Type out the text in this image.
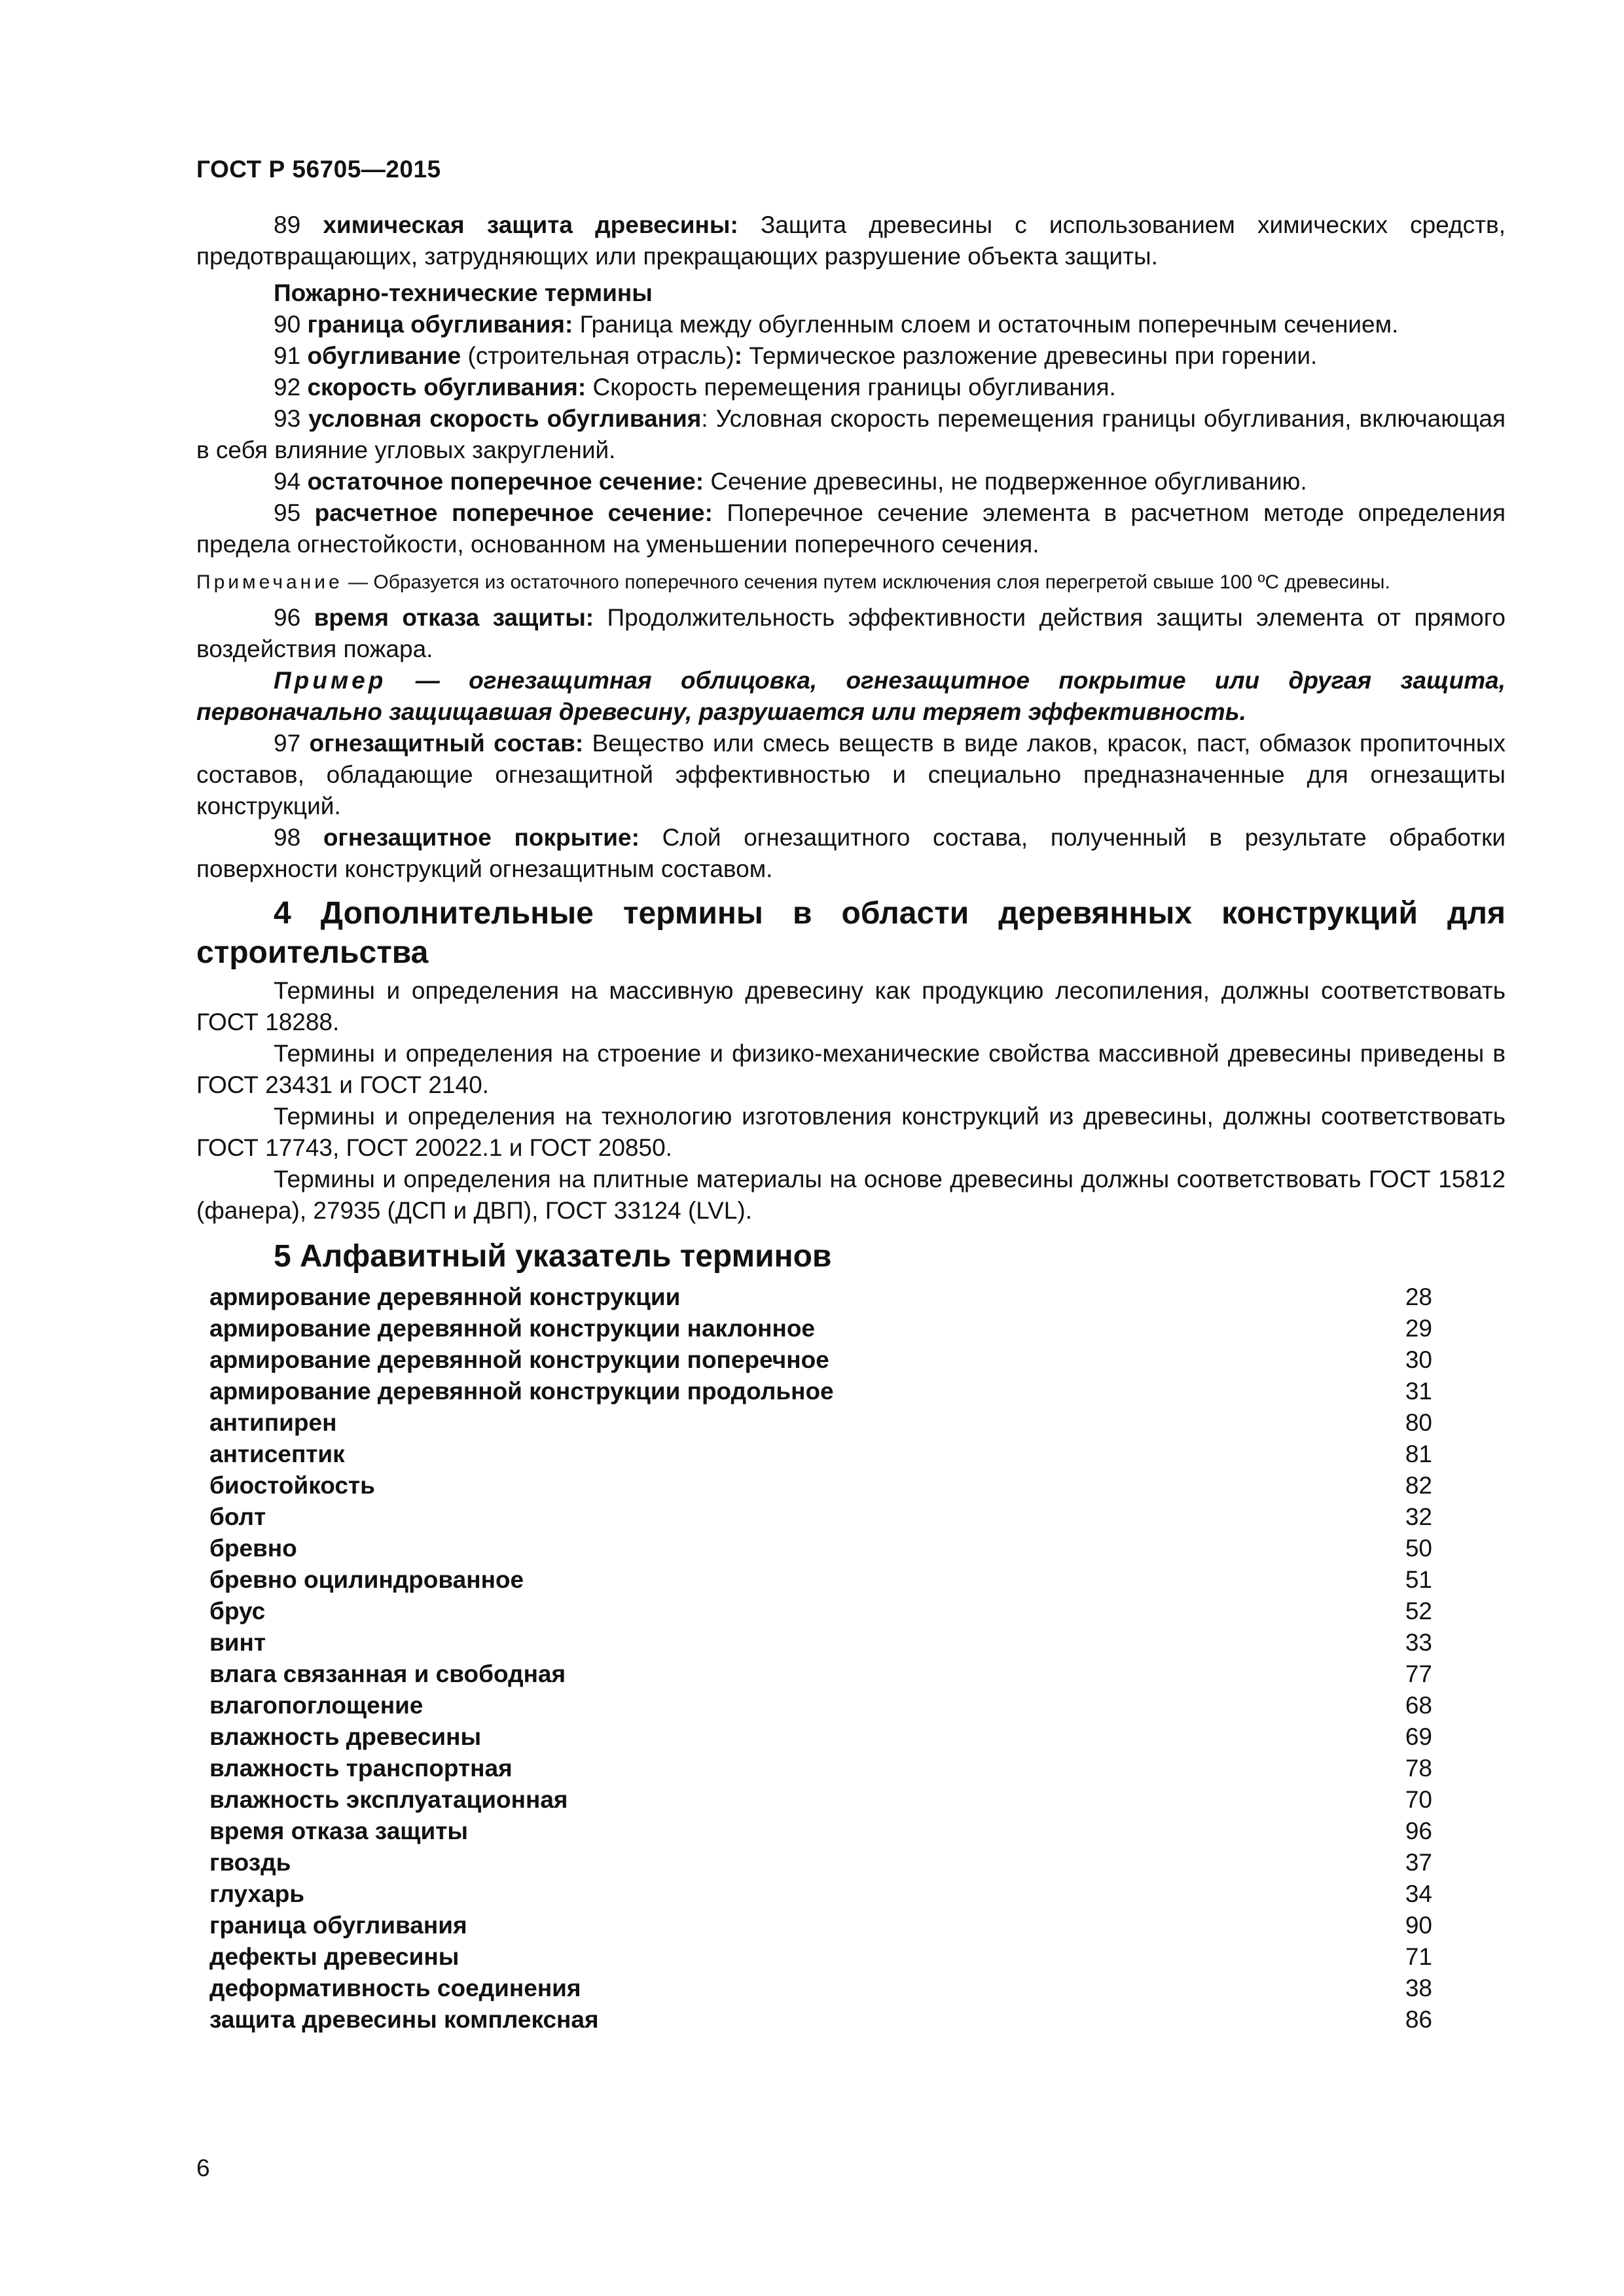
ГОСТ Р 56705—2015

89 химическая защита древесины: Защита древесины с использованием химических средств, предотвращающих, затрудняющих или прекращающих разрушение объекта защиты.

Пожарно-технические термины

90 граница обугливания: Граница между обугленным слоем и остаточным поперечным сечением.

91 обугливание (строительная отрасль): Термическое разложение древесины при горении.

92 скорость обугливания: Скорость перемещения границы обугливания.

93 условная скорость обугливания: Условная скорость перемещения границы обугливания, включающая в себя влияние угловых закруглений.

94 остаточное поперечное сечение: Сечение древесины, не подверженное обугливанию.

95 расчетное поперечное сечение: Поперечное сечение элемента в расчетном методе определения предела огнестойкости, основанном на уменьшении поперечного сечения.

Примечание — Образуется из остаточного поперечного сечения путем исключения слоя перегретой свыше 100 ºС древесины.

96 время отказа защиты: Продолжительность эффективности действия защиты элемента от прямого воздействия пожара.

Пример — огнезащитная облицовка, огнезащитное покрытие или другая защита, первоначально защищавшая древесину, разрушается или теряет эффективность.

97 огнезащитный состав: Вещество или смесь веществ в виде лаков, красок, паст, обмазок пропиточных составов, обладающие огнезащитной эффективностью и специально предназначенные для огнезащиты конструкций.

98 огнезащитное покрытие: Слой огнезащитного состава, полученный в результате обработки поверхности конструкций огнезащитным составом.

4 Дополнительные термины в области деревянных конструкций для строительства

Термины и определения на массивную древесину как продукцию лесопиления, должны соответствовать ГОСТ 18288.

Термины и определения на строение и физико-механические свойства массивной древесины приведены в ГОСТ 23431 и ГОСТ 2140.

Термины и определения на технологию изготовления конструкций из древесины, должны соответствовать ГОСТ 17743, ГОСТ 20022.1 и ГОСТ 20850.

Термины и определения на плитные материалы на основе древесины должны соответствовать ГОСТ 15812 (фанера), 27935 (ДСП и ДВП), ГОСТ 33124 (LVL).

5 Алфавитный указатель терминов
армирование деревянной конструкции	28
армирование деревянной конструкции наклонное	29
армирование деревянной конструкции поперечное	30
армирование деревянной конструкции продольное	31
антипирен	80
антисептик	81
биостойкость	82
болт	32
бревно	50
бревно оцилиндрованное	51
брус	52
винт	33
влага связанная и свободная	77
влагопоглощение	68
влажность древесины	69
влажность транспортная	78
влажность эксплуатационная	70
время отказа защиты	96
гвоздь	37
глухарь	34
граница обугливания	90
дефекты древесины	71
деформативность соединения	38
защита древесины комплексная	86
6
